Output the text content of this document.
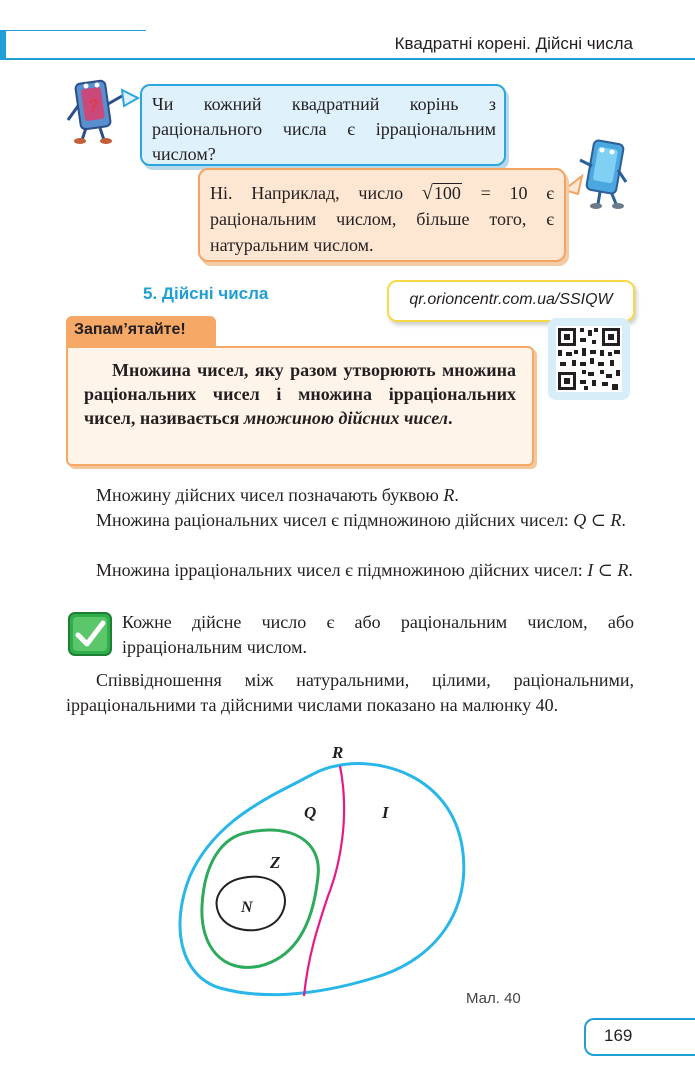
Квадратні корені. Дійсні числа
?	Чи кожний квадратний корінь з раціонального числа є ірраціональним числом?
Ні. Наприклад, число √100 = 10 є раціональним числом, більше того, є натуральним числом.
5. Дійсні числа	qr.orioncentr.com.ua/SSIQW
Запам’ятайте!
Множина чисел, яку разом утворюють множина раціональних чисел і множина ірраціональних чисел, називається множиною дійсних чисел.
Множину дійсних чисел позначають буквою R.
Множина раціональних чисел є підмножиною дійсних чисел: Q ⊂ R.
Множина ірраціональних чисел є підмножиною дійсних чисел: I ⊂ R.
Кожне дійсне число є або раціональним числом, або ірраціональним числом.
Співвідношення між натуральними, цілими, раціональними, ірраціональними та дійсними числами показано на малюнку 40.
R
Q	I
Z
N
Мал. 40
169
